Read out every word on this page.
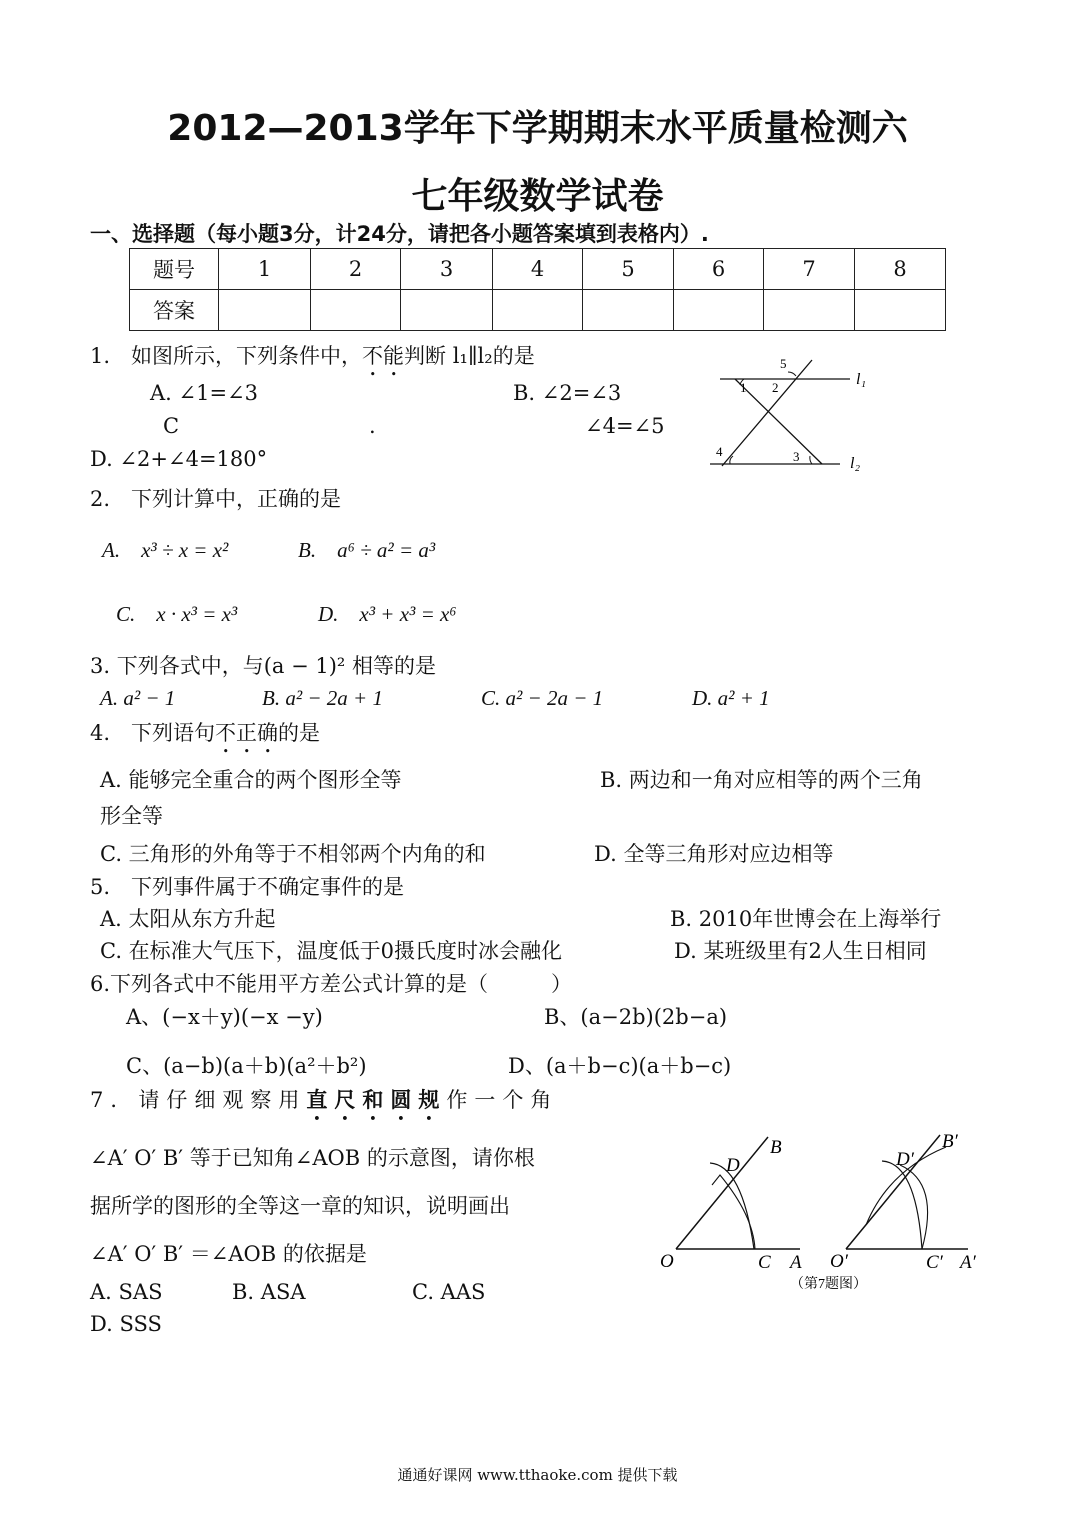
2012—2013学年下学期期末水平质量检测六
七年级数学试卷
一、选择题（每小题3分，计24分，请把各小题答案填到表格内）.
题号	1	2	3	4	5	6	7	8
答案								
1.　如图所示，下列条件中，不能判断 l₁∥l₂的是
A. ∠1=∠3	B. ∠2=∠3
C	.	∠4=∠5
D. ∠2+∠4=180°
1 2
5
4	3
l₁
l₂
2.　下列计算中，正确的是
A.　x³ ÷ x = x²	B.　a⁶ ÷ a² = a³
C.　x · x³ = x³	D.　x³ + x³ = x⁶
3. 下列各式中，与(a − 1)² 相等的是
A. a² − 1	B. a² − 2a + 1	C. a² − 2a − 1	D. a² + 1
4.　下列语句不正确的是
A. 能够完全重合的两个图形全等	B. 两边和一角对应相等的两个三角
形全等
C. 三角形的外角等于不相邻两个内角的和	D. 全等三角形对应边相等
5.　下列事件属于不确定事件的是
A. 太阳从东方升起	B. 2010年世博会在上海举行
C. 在标准大气压下，温度低于0摄氏度时冰会融化	D. 某班级里有2人生日相同
6.下列各式中不能用平方差公式计算的是（　　　）
A、(−x＋y)(−x −y)	B、(a−2b)(2b−a)
C、(a−b)(a＋b)(a²＋b²)	D、(a＋b−c)(a＋b−c)
7．请仔细观察用直尺和圆规作一个角
∠A′ O′ B′ 等于已知角∠AOB 的示意图，请你根
据所学的图形的全等这一章的知识，说明画出
∠A′ O′ B′ ＝∠AOB 的依据是
A. SAS	B. ASA	C. AAS
D. SSS
O	C A
B
D
O′	C′ A′
B′
D′
（第7题图）
通通好课网 www.tthaoke.com 提供下载
